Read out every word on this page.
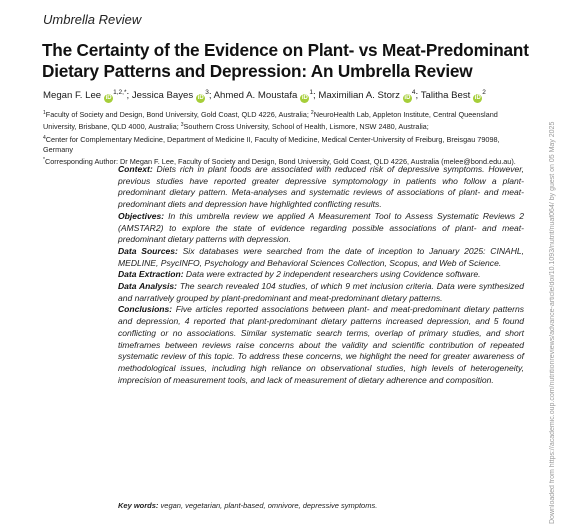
Umbrella Review
The Certainty of the Evidence on Plant- vs Meat-Predominant Dietary Patterns and Depression: An Umbrella Review
Megan F. Lee $iD^{1,2,*}$; Jessica Bayes $iD^3$; Ahmed A. Moustafa $iD^1$; Maximilian A. Storz $iD^4$; Talitha Best $iD^2$

$^1$Faculty of Society and Design, Bond University, Gold Coast, QLD 4226, Australia; $^2$NeuroHealth Lab, Appleton Institute, Central Queensland University, Brisbane, QLD 4000, Australia; $^3$Southern Cross University, School of Health, Lismore, NSW 2480, Australia;

$^4$Center for Complementary Medicine, Department of Medicine II, Faculty of Medicine, Medical Center-University of Freiburg, Breisgau 79098, Germany

*Corresponding Author: Dr Megan F. Lee, Faculty of Society and Design, Bond University, Gold Coast, QLD 4226, Australia (melee@bond.edu.au).

Context: Diets rich in plant foods are associated with reduced risk of depressive symptoms. However, previous studies have reported greater depressive symptomology in patients who follow a plant-predominant dietary pattern. Meta-analyses and systematic reviews of associations of plant- and meat-predominant diets and depression have highlighted conflicting results.

Objectives: In this umbrella review we applied A Measurement Tool to Assess Systematic Reviews 2 (AMSTAR2) to explore the state of evidence regarding possible associations of plant- and meat-predominant dietary patterns with depression.

Data Sources: Six databases were searched from the date of inception to January 2025: CINAHL, MEDLINE, PsycINFO, Psychology and Behavioral Sciences Collection, Scopus, and Web of Science.

Data Extraction: Data were extracted by 2 independent researchers using Covidence software.

Data Analysis: The search revealed 104 studies, of which 9 met inclusion criteria. Data were synthesized and narratively grouped by plant-predominant and meat-predominant dietary patterns.

Conclusions: Five articles reported associations between plant- and meat-predominant dietary patterns and depression, 4 reported that plant-predominant dietary patterns increased depression, and 5 found conflicting or no associations. Similar systematic search terms, overlap of primary studies, and short timeframes between reviews raise concerns about the validity and scientific contribution of repeated systematic review of this topic. To address these concerns, we highlight the need for greater awareness of methodological issues, including high reliance on observational studies, high levels of heterogeneity, imprecision of measurement tools, and lack of measurement of dietary adherence and composition.

Key words: vegan, vegetarian, plant-based, omnivore, depressive symptoms.	Downloaded from https://academic.oup.com/nutritionreviews/advance-article/doi/10.1093/nutrit/nuaf064/ by guest on 05 May 2025
